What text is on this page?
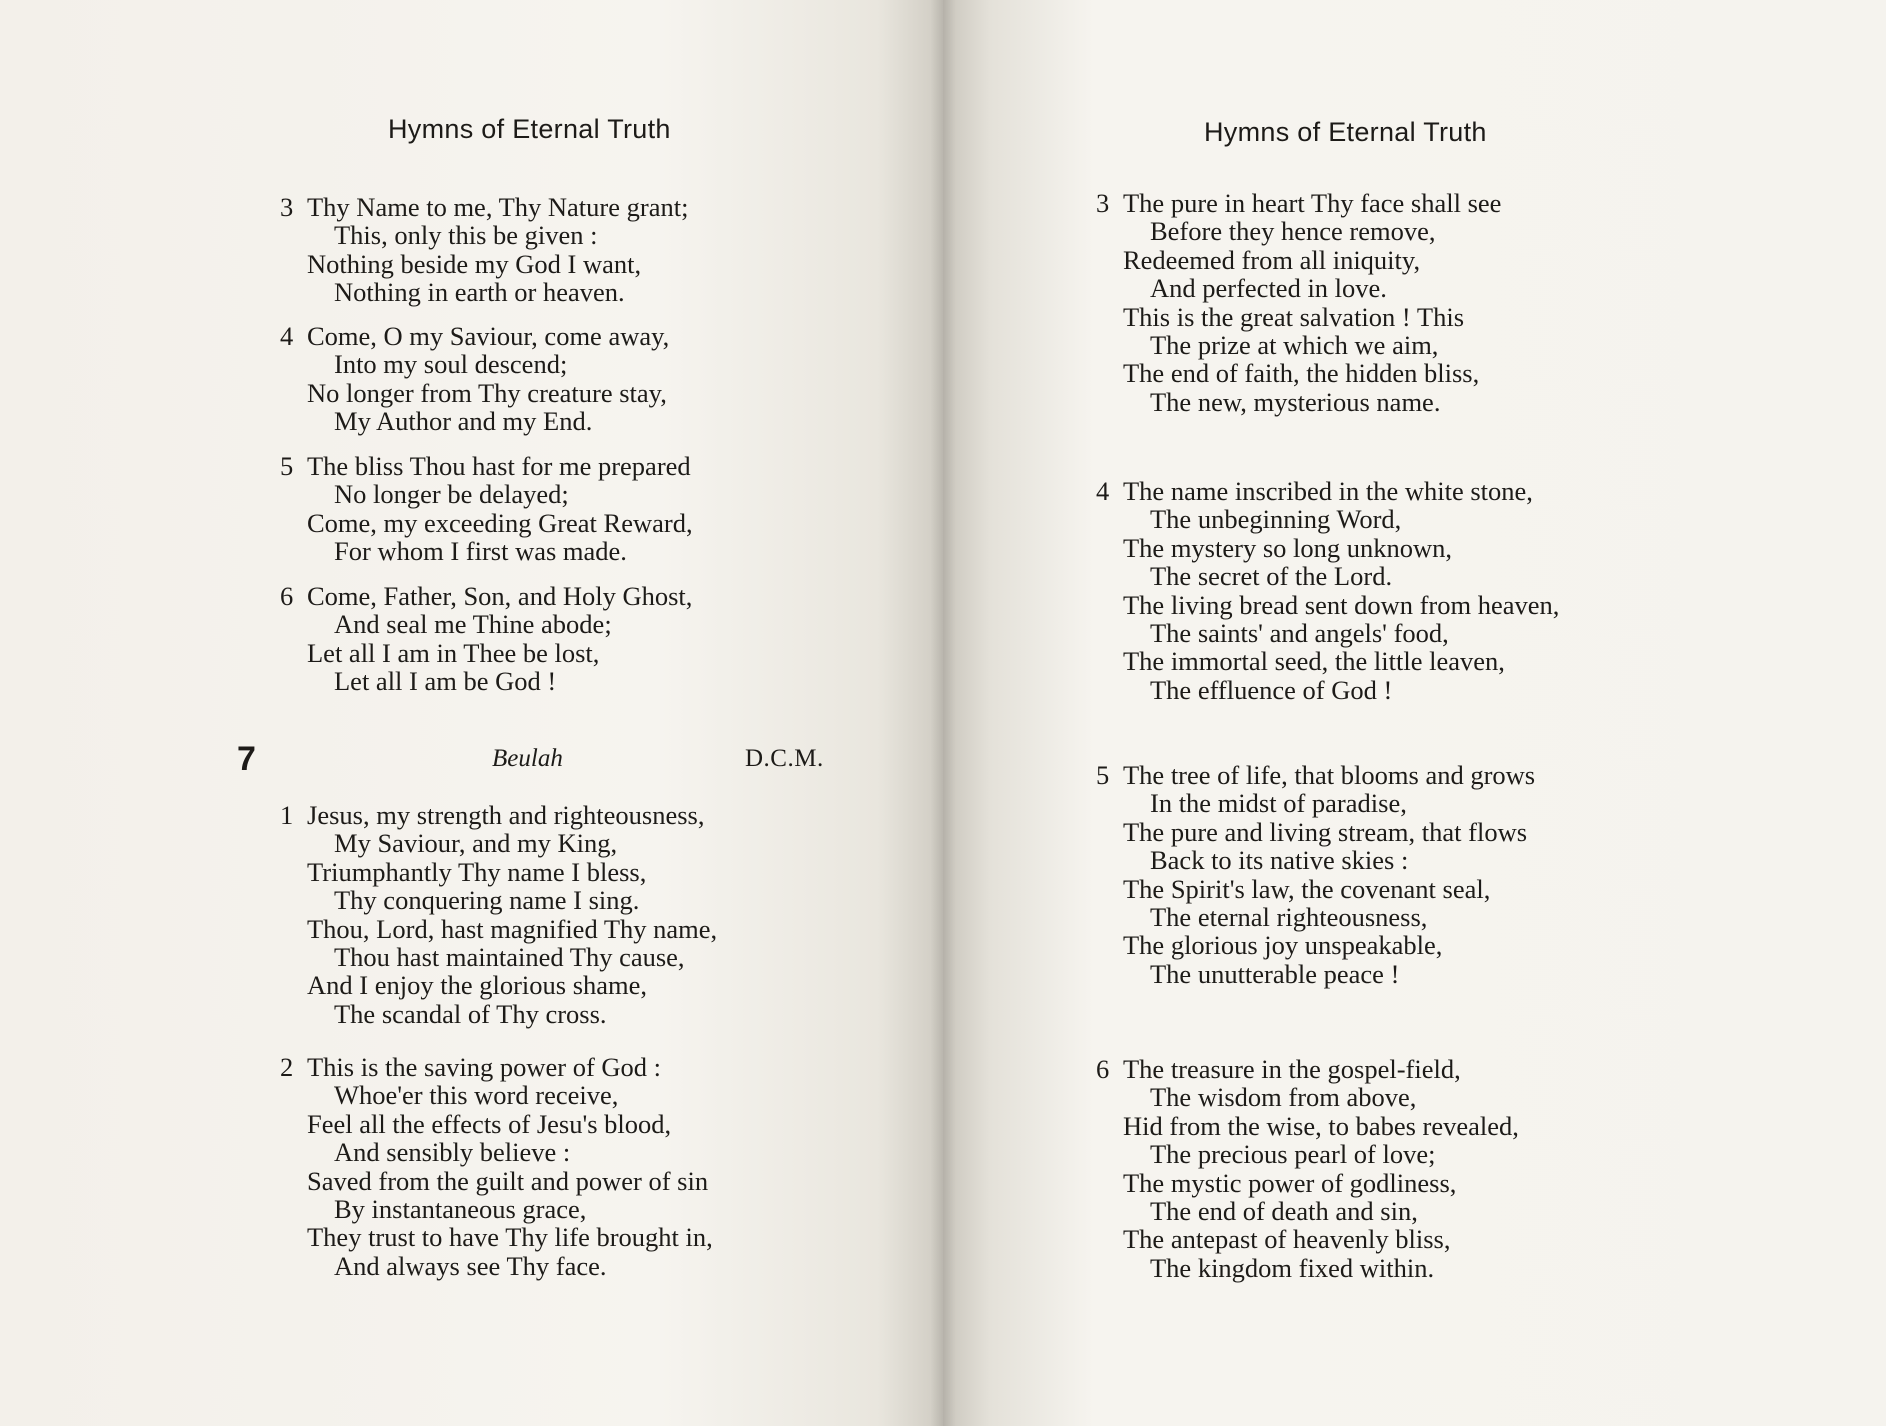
Hymns of Eternal Truth
3 Thy Name to me, Thy Nature grant;
This, only this be given :
Nothing beside my God I want,
Nothing in earth or heaven.
4 Come, O my Saviour, come away,
Into my soul descend;
No longer from Thy creature stay,
My Author and my End.
5 The bliss Thou hast for me prepared
No longer be delayed;
Come, my exceeding Great Reward,
For whom I first was made.
6 Come, Father, Son, and Holy Ghost,
And seal me Thine abode;
Let all I am in Thee be lost,
Let all I am be God !
7	Beulah	D.C.M.
1 Jesus, my strength and righteousness,
My Saviour, and my King,
Triumphantly Thy name I bless,
Thy conquering name I sing.
Thou, Lord, hast magnified Thy name,
Thou hast maintained Thy cause,
And I enjoy the glorious shame,
The scandal of Thy cross.
2 This is the saving power of God :
Whoe'er this word receive,
Feel all the effects of Jesu's blood,
And sensibly believe :
Saved from the guilt and power of sin
By instantaneous grace,
They trust to have Thy life brought in,
And always see Thy face.
Hymns of Eternal Truth
3 The pure in heart Thy face shall see
Before they hence remove,
Redeemed from all iniquity,
And perfected in love.
This is the great salvation ! This
The prize at which we aim,
The end of faith, the hidden bliss,
The new, mysterious name.
4 The name inscribed in the white stone,
The unbeginning Word,
The mystery so long unknown,
The secret of the Lord.
The living bread sent down from heaven,
The saints' and angels' food,
The immortal seed, the little leaven,
The effluence of God !
5 The tree of life, that blooms and grows
In the midst of paradise,
The pure and living stream, that flows
Back to its native skies :
The Spirit's law, the covenant seal,
The eternal righteousness,
The glorious joy unspeakable,
The unutterable peace !
6 The treasure in the gospel-field,
The wisdom from above,
Hid from the wise, to babes revealed,
The precious pearl of love;
The mystic power of godliness,
The end of death and sin,
The antepast of heavenly bliss,
The kingdom fixed within.
